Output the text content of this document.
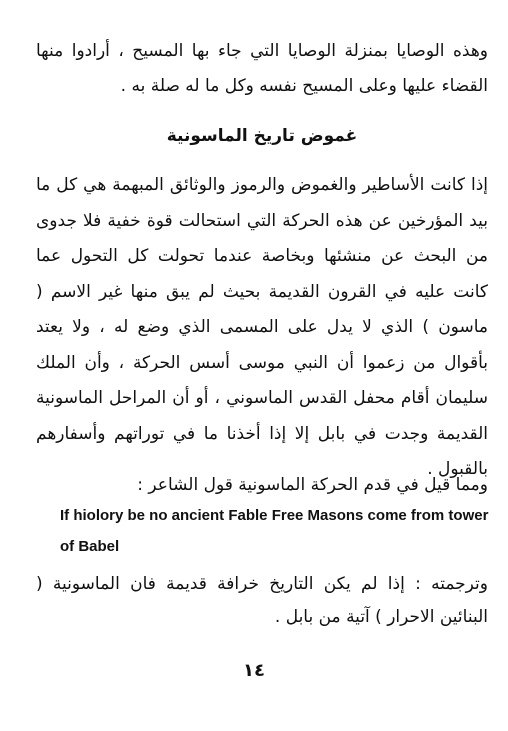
وهذه الوصايا بمنزلة الوصايا التي جاء بها المسيح ، أرادوا منها القضاء عليها وعلى المسيح نفسه وكل ما له صلة به .

غموض تاريخ الماسونية

إذا كانت الأساطير والغموض والرموز والوثائق المبهمة هي كل ما بيد المؤرخين عن هذه الحركة التي استحالت قوة خفية فلا جدوى من البحث عن منشئها وبخاصة عندما تحولت كل التحول عما كانت عليه في القرون القديمة بحيث لم يبق منها غير الاسم ( ماسون ) الذي لا يدل على المسمى الذي وضع له ، ولا يعتد بأقوال من زعموا أن النبي موسى أسس الحركة ، وأن الملك سليمان أقام محفل القدس الماسوني ، أو أن المراحل الماسونية القديمة وجدت في بابل إلا إذا أخذنا ما في توراتهم وأسفارهم بالقبول .

ومما قيل في قدم الحركة الماسونية قول الشاعر :

If hiolory be no ancient Fable Free Masons come from tower of Babel

وترجمته : إذا لم يكن التاريخ خرافة قديمة فان الماسونية ( البنائين الاحرار ) آتية من بابل .

١٤
